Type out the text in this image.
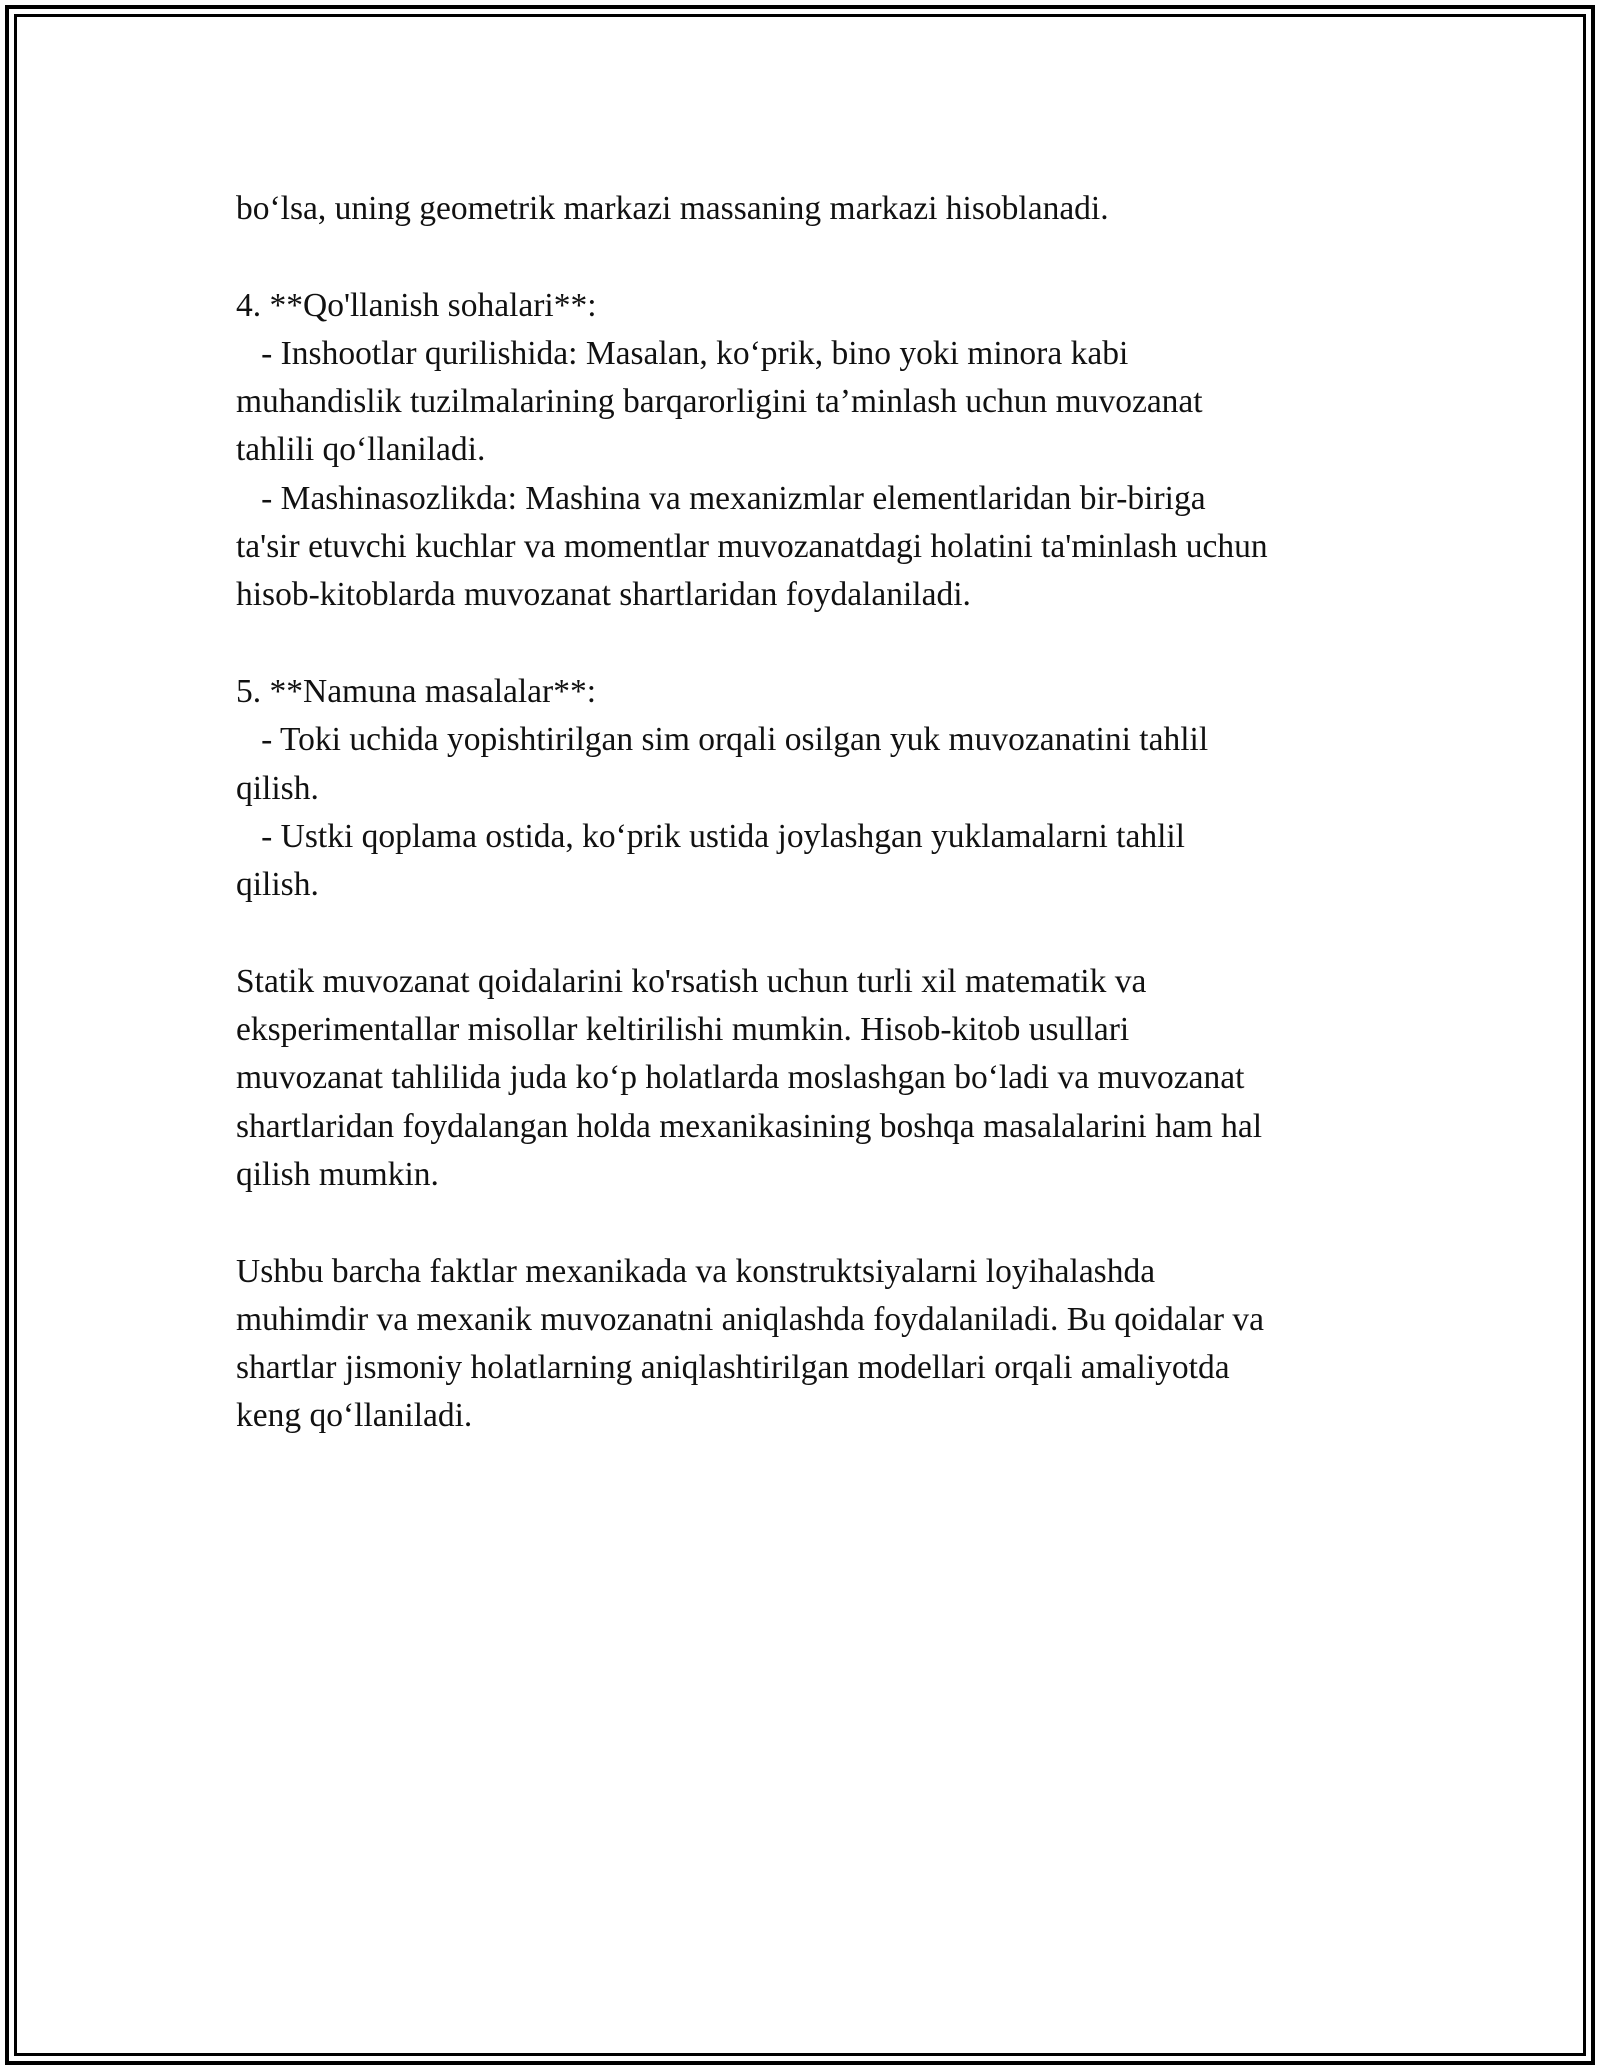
bo‘lsa, uning geometrik markazi massaning markazi hisoblanadi.
4. **Qo'llanish sohalari**:
- Inshootlar qurilishida: Masalan, ko‘prik, bino yoki minora kabi
muhandislik tuzilmalarining barqarorligini ta’minlash uchun muvozanat
tahlili qo‘llaniladi.
- Mashinasozlikda: Mashina va mexanizmlar elementlaridan bir-biriga
ta'sir etuvchi kuchlar va momentlar muvozanatdagi holatini ta'minlash uchun
hisob-kitoblarda muvozanat shartlaridan foydalaniladi.
5. **Namuna masalalar**:
- Toki uchida yopishtirilgan sim orqali osilgan yuk muvozanatini tahlil
qilish.
- Ustki qoplama ostida, ko‘prik ustida joylashgan yuklamalarni tahlil
qilish.
Statik muvozanat qoidalarini ko'rsatish uchun turli xil matematik va
eksperimentallar misollar keltirilishi mumkin. Hisob-kitob usullari
muvozanat tahlilida juda ko‘p holatlarda moslashgan bo‘ladi va muvozanat
shartlaridan foydalangan holda mexanikasining boshqa masalalarini ham hal
qilish mumkin.
Ushbu barcha faktlar mexanikada va konstruktsiyalarni loyihalashda
muhimdir va mexanik muvozanatni aniqlashda foydalaniladi. Bu qoidalar va
shartlar jismoniy holatlarning aniqlashtirilgan modellari orqali amaliyotda
keng qo‘llaniladi.
